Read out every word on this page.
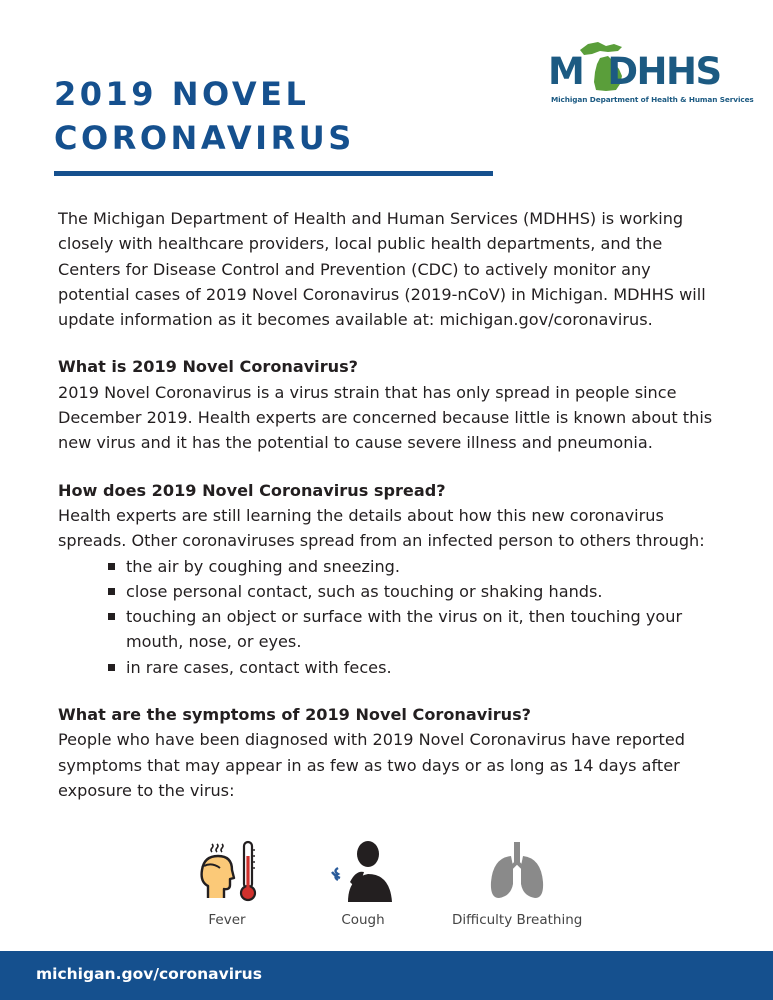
2019 NOVEL
CORONAVIRUS
M DHHS
Michigan Department of Health & Human Services

The Michigan Department of Health and Human Services (MDHHS) is working closely with healthcare providers, local public health departments, and the Centers for Disease Control and Prevention (CDC) to actively monitor any potential cases of 2019 Novel Coronavirus (2019-nCoV) in Michigan. MDHHS will update information as it becomes available at: michigan.gov/coronavirus.

What is 2019 Novel Coronavirus?

2019 Novel Coronavirus is a virus strain that has only spread in people since December 2019. Health experts are concerned because little is known about this new virus and it has the potential to cause severe illness and pneumonia.

How does 2019 Novel Coronavirus spread?

Health experts are still learning the details about how this new coronavirus spreads. Other coronaviruses spread from an infected person to others through:

the air by coughing and sneezing.
close personal contact, such as touching or shaking hands.
touching an object or surface with the virus on it, then touching your mouth, nose, or eyes.
in rare cases, contact with feces.
What are the symptoms of 2019 Novel Coronavirus?

People who have been diagnosed with 2019 Novel Coronavirus have reported symptoms that may appear in as few as two days or as long as 14 days after exposure to the virus:

Fever	Cough	Difficulty Breathing
michigan.gov/coronavirus
